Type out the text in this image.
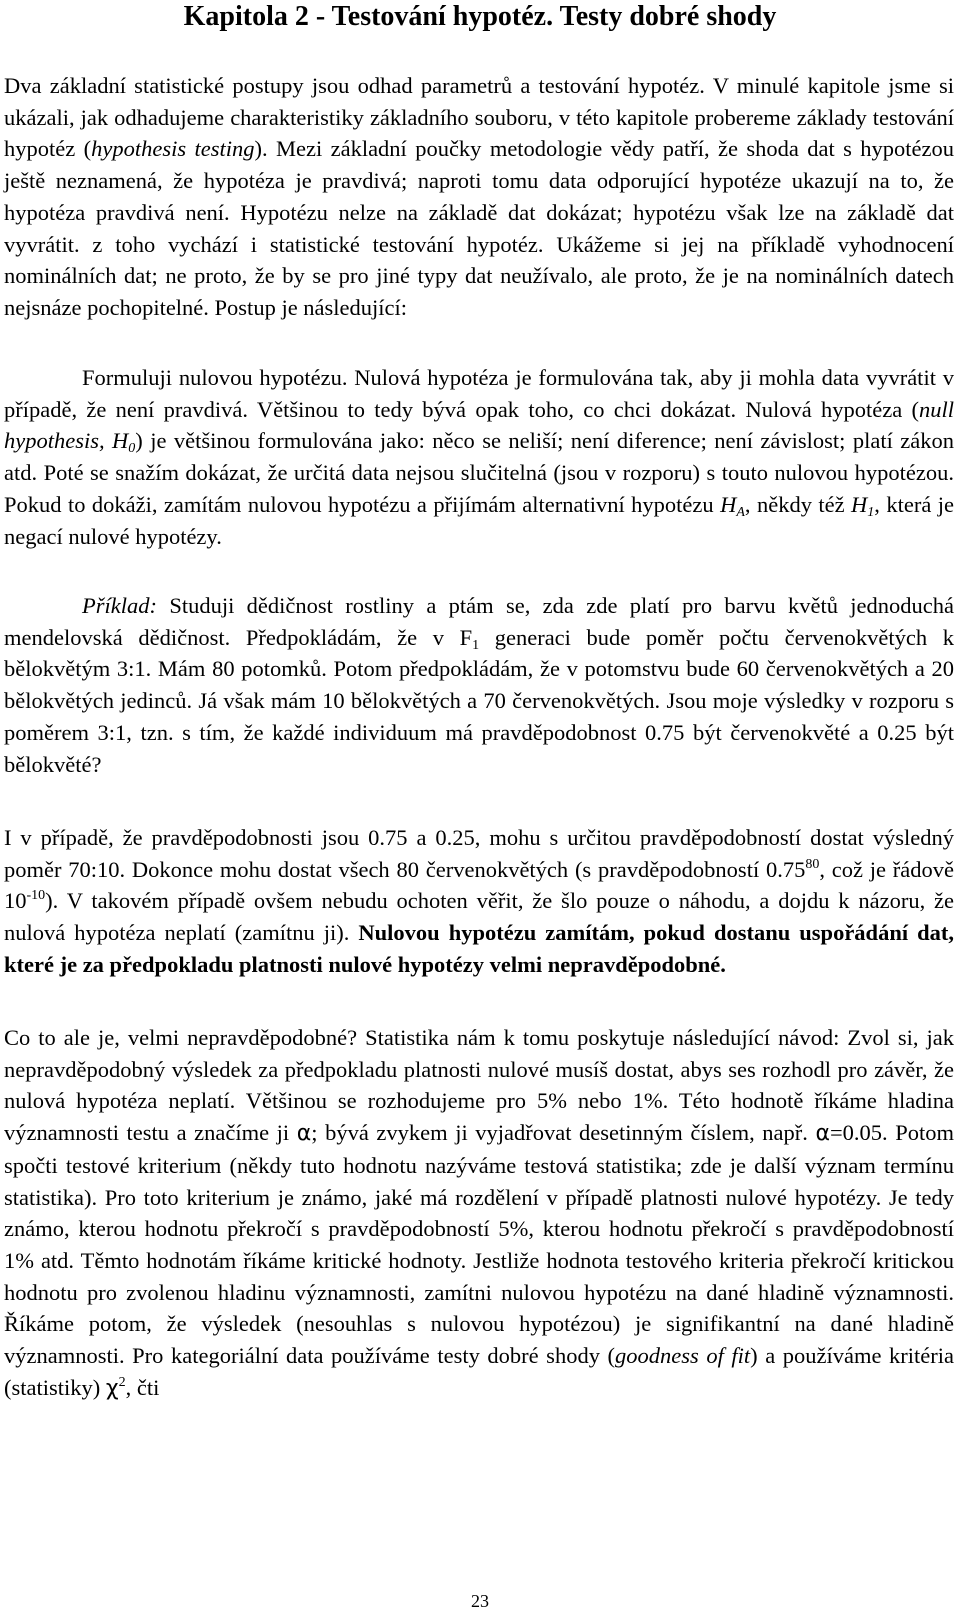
Kapitola 2 - Testování hypotéz. Testy dobré shody

Dva základní statistické postupy jsou odhad parametrů a testování hypotéz. V minulé kapitole jsme si ukázali, jak odhadujeme charakteristiky základního souboru, v této kapitole probereme základy testování hypotéz (hypothesis testing). Mezi základní poučky metodologie vědy patří, že shoda dat s hypotézou ještě neznamená, že hypotéza je pravdivá; naproti tomu data odporující hypotéze ukazují na to, že hypotéza pravdivá není. Hypotézu nelze na základě dat dokázat; hypotézu však lze na základě dat vyvrátit. z toho vychází i statistické testování hypotéz. Ukážeme si jej na příkladě vyhodnocení nominálních dat; ne proto, že by se pro jiné typy dat neužívalo, ale proto, že je na nominálních datech nejsnáze pochopitelné. Postup je následující:

Formuluji nulovou hypotézu. Nulová hypotéza je formulována tak, aby ji mohla data vyvrátit v případě, že není pravdivá. Většinou to tedy bývá opak toho, co chci dokázat. Nulová hypotéza (null hypothesis, $H_0$) je většinou formulována jako: něco se neliší; není diference; není závislost; platí zákon atd. Poté se snažím dokázat, že určitá data nejsou slučitelná (jsou v rozporu) s touto nulovou hypotézou. Pokud to dokáži, zamítám nulovou hypotézu a přijímám alternativní hypotézu $H_A$, někdy též $H_1$, která je negací nulové hypotézy.

Příklad: Studuji dědičnost rostliny a ptám se, zda zde platí pro barvu květů jednoduchá mendelovská dědičnost. Předpokládám, že v $F_1$ generaci bude poměr počtu červenokvětých k bělokvětým 3:1. Mám 80 potomků. Potom předpokládám, že v potomstvu bude 60 červenokvětých a 20 bělokvětých jedinců. Já však mám 10 bělokvětých a 70 červenokvětých. Jsou moje výsledky v rozporu s poměrem 3:1, tzn. s tím, že každé individuum má pravděpodobnost 0.75 být červenokvěté a 0.25 být bělokvěté?

I v případě, že pravděpodobnosti jsou 0.75 a 0.25, mohu s určitou pravděpodobností dostat výsledný poměr 70:10. Dokonce mohu dostat všech 80 červenokvětých (s pravděpodobností 0.75$^{80}$, což je řádově $10^{-10}$). V takovém případě ovšem nebudu ochoten věřit, že šlo pouze o náhodu, a dojdu k názoru, že nulová hypotéza neplatí (zamítnu ji). Nulovou hypotézu zamítám, pokud dostanu uspořádání dat, které je za předpokladu platnosti nulové hypotézy velmi nepravděpodobné.

Co to ale je, velmi nepravděpodobné? Statistika nám k tomu poskytuje následující návod: Zvol si, jak nepravděpodobný výsledek za předpokladu platnosti nulové musíš dostat, abys ses rozhodl pro závěr, že nulová hypotéza neplatí. Většinou se rozhodujeme pro 5% nebo 1%. Této hodnotě říkáme hladina významnosti testu a značíme ji α; bývá zvykem ji vyjadřovat desetinným číslem, např. α=0.05. Potom spočti testové kriterium (někdy tuto hodnotu nazýváme testová statistika; zde je další význam termínu statistika). Pro toto kriterium je známo, jaké má rozdělení v případě platnosti nulové hypotézy. Je tedy známo, kterou hodnotu překročí s pravděpodobností 5%, kterou hodnotu překročí s pravděpodobností 1% atd. Těmto hodnotám říkáme kritické hodnoty. Jestliže hodnota testového kriteria překročí kritickou hodnotu pro zvolenou hladinu významnosti, zamítni nulovou hypotézu na dané hladině významnosti. Říkáme potom, že výsledek (nesouhlas s nulovou hypotézou) je signifikantní na dané hladině významnosti. Pro kategoriální data používáme testy dobré shody (goodness of fit) a používáme kritéria (statistiky) $\chi^2$, čti

23
